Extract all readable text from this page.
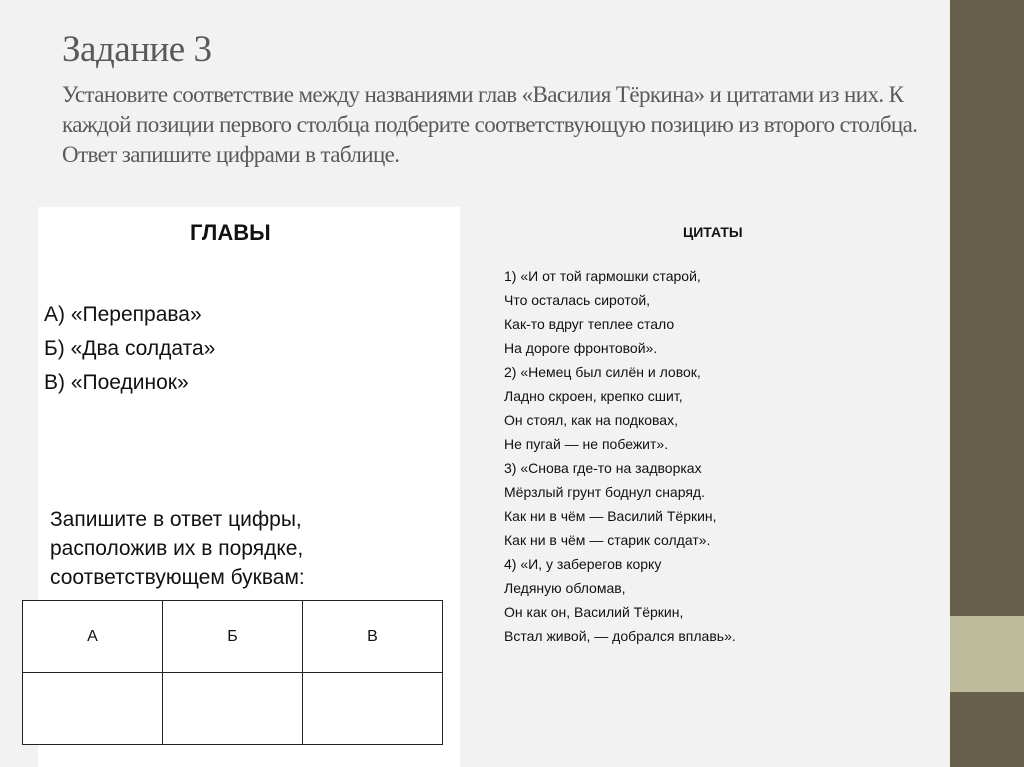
Задание 3
Установите соответствие между названиями глав «Василия Тёркина» и цитатами из них. К каждой позиции первого столбца подберите соответствующую позицию из второго столбца. Ответ запишите цифрами в таблице.
ГЛАВЫ
А) «Переправа»
Б) «Два солдата»
В) «Поединок»
ЦИТАТЫ
1) «И от той гармошки старой,
Что осталась сиротой,
Как-то вдруг теплее стало
На дороге фронтовой».
2) «Немец был силён и ловок,
Ладно скроен, крепко сшит,
Он стоял, как на подковах,
Не пугай — не побежит».
3) «Снова где-то на задворках
Мёрзлый грунт боднул снаряд.
Как ни в чём — Василий Тёркин,
Как ни в чём — старик солдат».
4) «И, у заберегов корку
Ледяную обломав,
Он как он, Василий Тёркин,
Встал живой, — добрался вплавь».
Запишите в ответ цифры,
расположив их в порядке,
соответствующем буквам:
А	Б	В
